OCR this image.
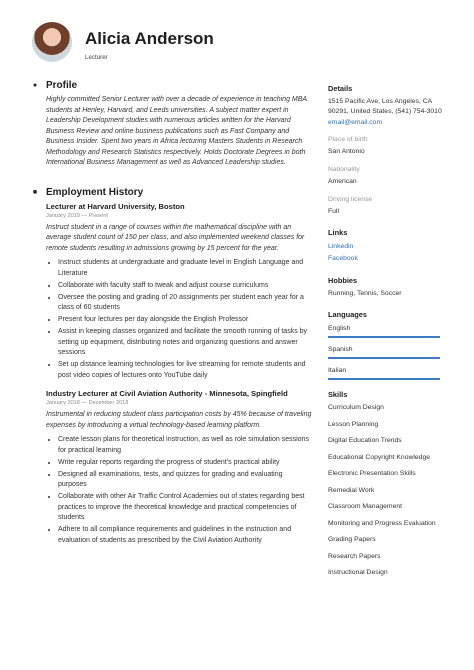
Alicia Anderson
Lecturer
● Profile
Highly committed Senior Lecturer with over a decade of experience in teaching MBA students at Henley, Harvard, and Leeds universities. A subject matter expert in Leadership Development studies with numerous articles written for the Harvard Business Review and online business publications such as Fast Company and Business Insider. Spent two years in Africa lecturing Masters Students in Research Methodology and Research Statistics respectively. Holds Doctorate Degrees in both International Business Management as well as Advanced Leadership studies.
■ Employment History
Lecturer at Harvard University, Boston
January 2019 — Present
Instruct student in a range of courses within the mathematical discipline with an average student count of 150 per class, and also implemented weekend classes for remote students resulting in admissions growing by 15 percent for the year.
• Instruct students at undergraduate and graduate level in English Language and Literature
• Collaborate with faculty staff to tweak and adjust course curriculums
• Oversee the posting and grading of 20 assignments per student each year for a class of 60 students
• Present four lectures per day alongside the English Professor
• Assist in keeping classes organized and facilitate the smooth running of tasks by setting up equipment, distributing notes and organizing questions and answer sessions
• Set up distance learning technologies for live streaming for remote students and post video copies of lectures onto YouTube daily
Industry Lecturer at Civil Aviation Authority - Minnesota, Spingfield
January 2018 — December 2018
Instrumental in reducing student class participation costs by 45% because of traveling expenses by introducing a virtual technology-based learning platform.
• Create lesson plans for theoretical instruction, as well as role simulation sessions for practical learning
• Write regular reports regarding the progress of student’s practical ability
• Designed all examinations, tests, and quizzes for grading and evaluating purposes
• Collaborate with other Air Traffic Control Academies out of states regarding best practices to improve the theoretical knowledge and practical competencies of students
• Adhere to all compliance requirements and guidelines in the instruction and evaluation of students as prescribed by the Civil Aviation Authority
Details
1515 Pacific Ave, Los Angeles, CA 90291, United States, (541) 754-3010
email@email.com
Place of birth
San Antonio
Nationality
American
Driving license
Full
Links
Linkedin
Facebook
Hobbies
Running, Tennis, Soccer
Languages
English
Spanish
Italian
Skills
Curriculum Design
Lesson Planning
Digital Education Trends
Educational Copyright Knowledge
Electronic Presentation Skills
Remedial Work
Classroom Management
Monitoring and Progress Evaluation
Grading Papers
Research Papers
Instructional Design
